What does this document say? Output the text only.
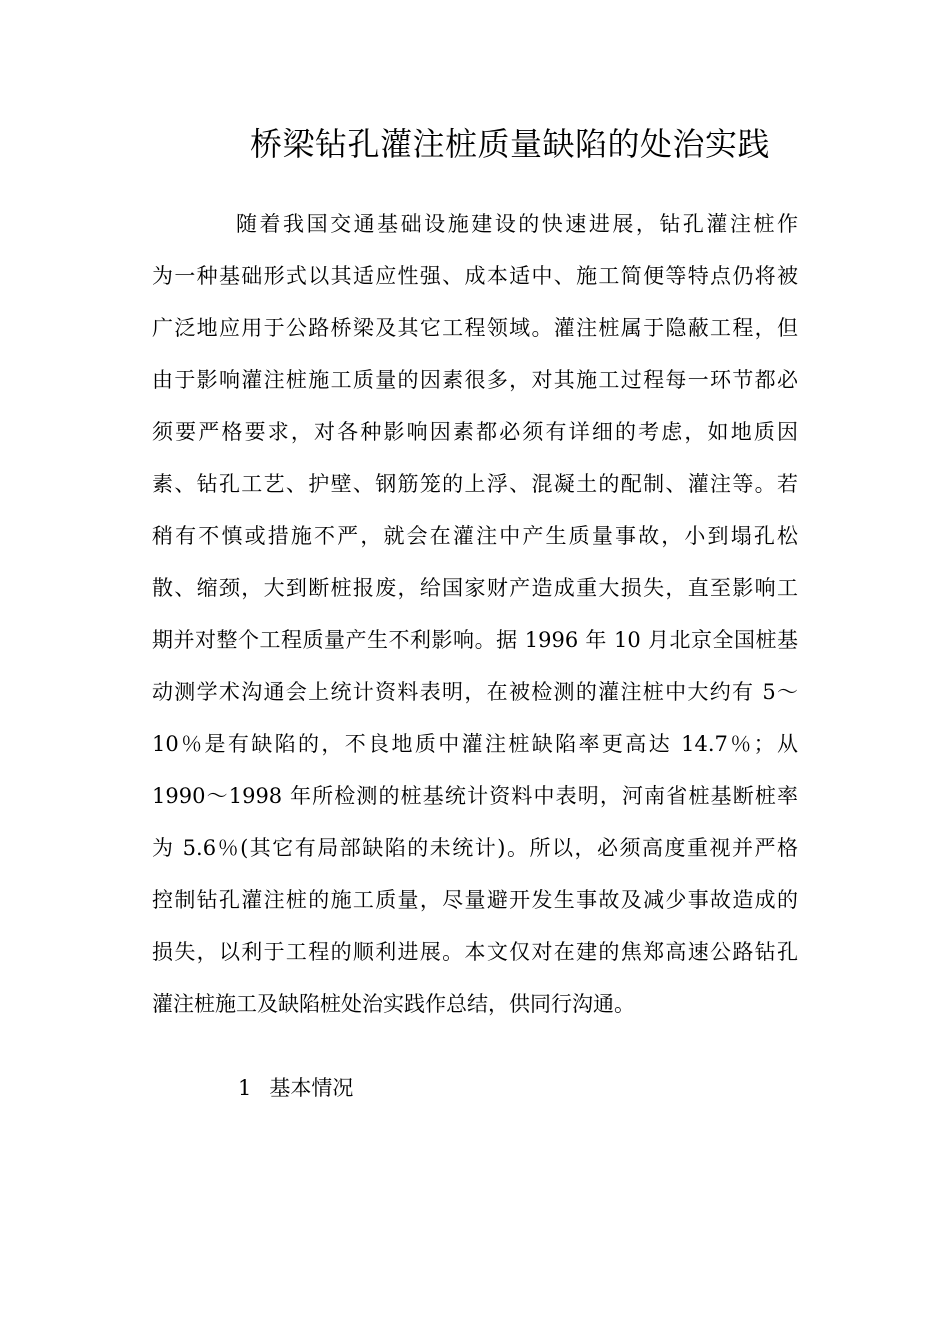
桥梁钻孔灌注桩质量缺陷的处治实践
随着我国交通基础设施建设的快速进展，钻孔灌注桩作
为一种基础形式以其适应性强、成本适中、施工简便等特点仍将被
广泛地应用于公路桥梁及其它工程领域。灌注桩属于隐蔽工程，但
由于影响灌注桩施工质量的因素很多，对其施工过程每一环节都必
须要严格要求，对各种影响因素都必须有详细的考虑，如地质因
素、钻孔工艺、护壁、钢筋笼的上浮、混凝土的配制、灌注等。若
稍有不慎或措施不严，就会在灌注中产生质量事故，小到塌孔松
散、缩颈，大到断桩报废，给国家财产造成重大损失，直至影响工
期并对整个工程质量产生不利影响。据 1996 年 10 月北京全国桩基
动测学术沟通会上统计资料表明，在被检测的灌注桩中大约有 5～
10％是有缺陷的，不良地质中灌注桩缺陷率更高达 14.7％；从
1990～1998 年所检测的桩基统计资料中表明，河南省桩基断桩率
为 5.6％(其它有局部缺陷的未统计)。所以，必须高度重视并严格
控制钻孔灌注桩的施工质量，尽量避开发生事故及减少事故造成的
损失，以利于工程的顺利进展。本文仅对在建的焦郑高速公路钻孔
灌注桩施工及缺陷桩处治实践作总结，供同行沟通。
1 基本情况
